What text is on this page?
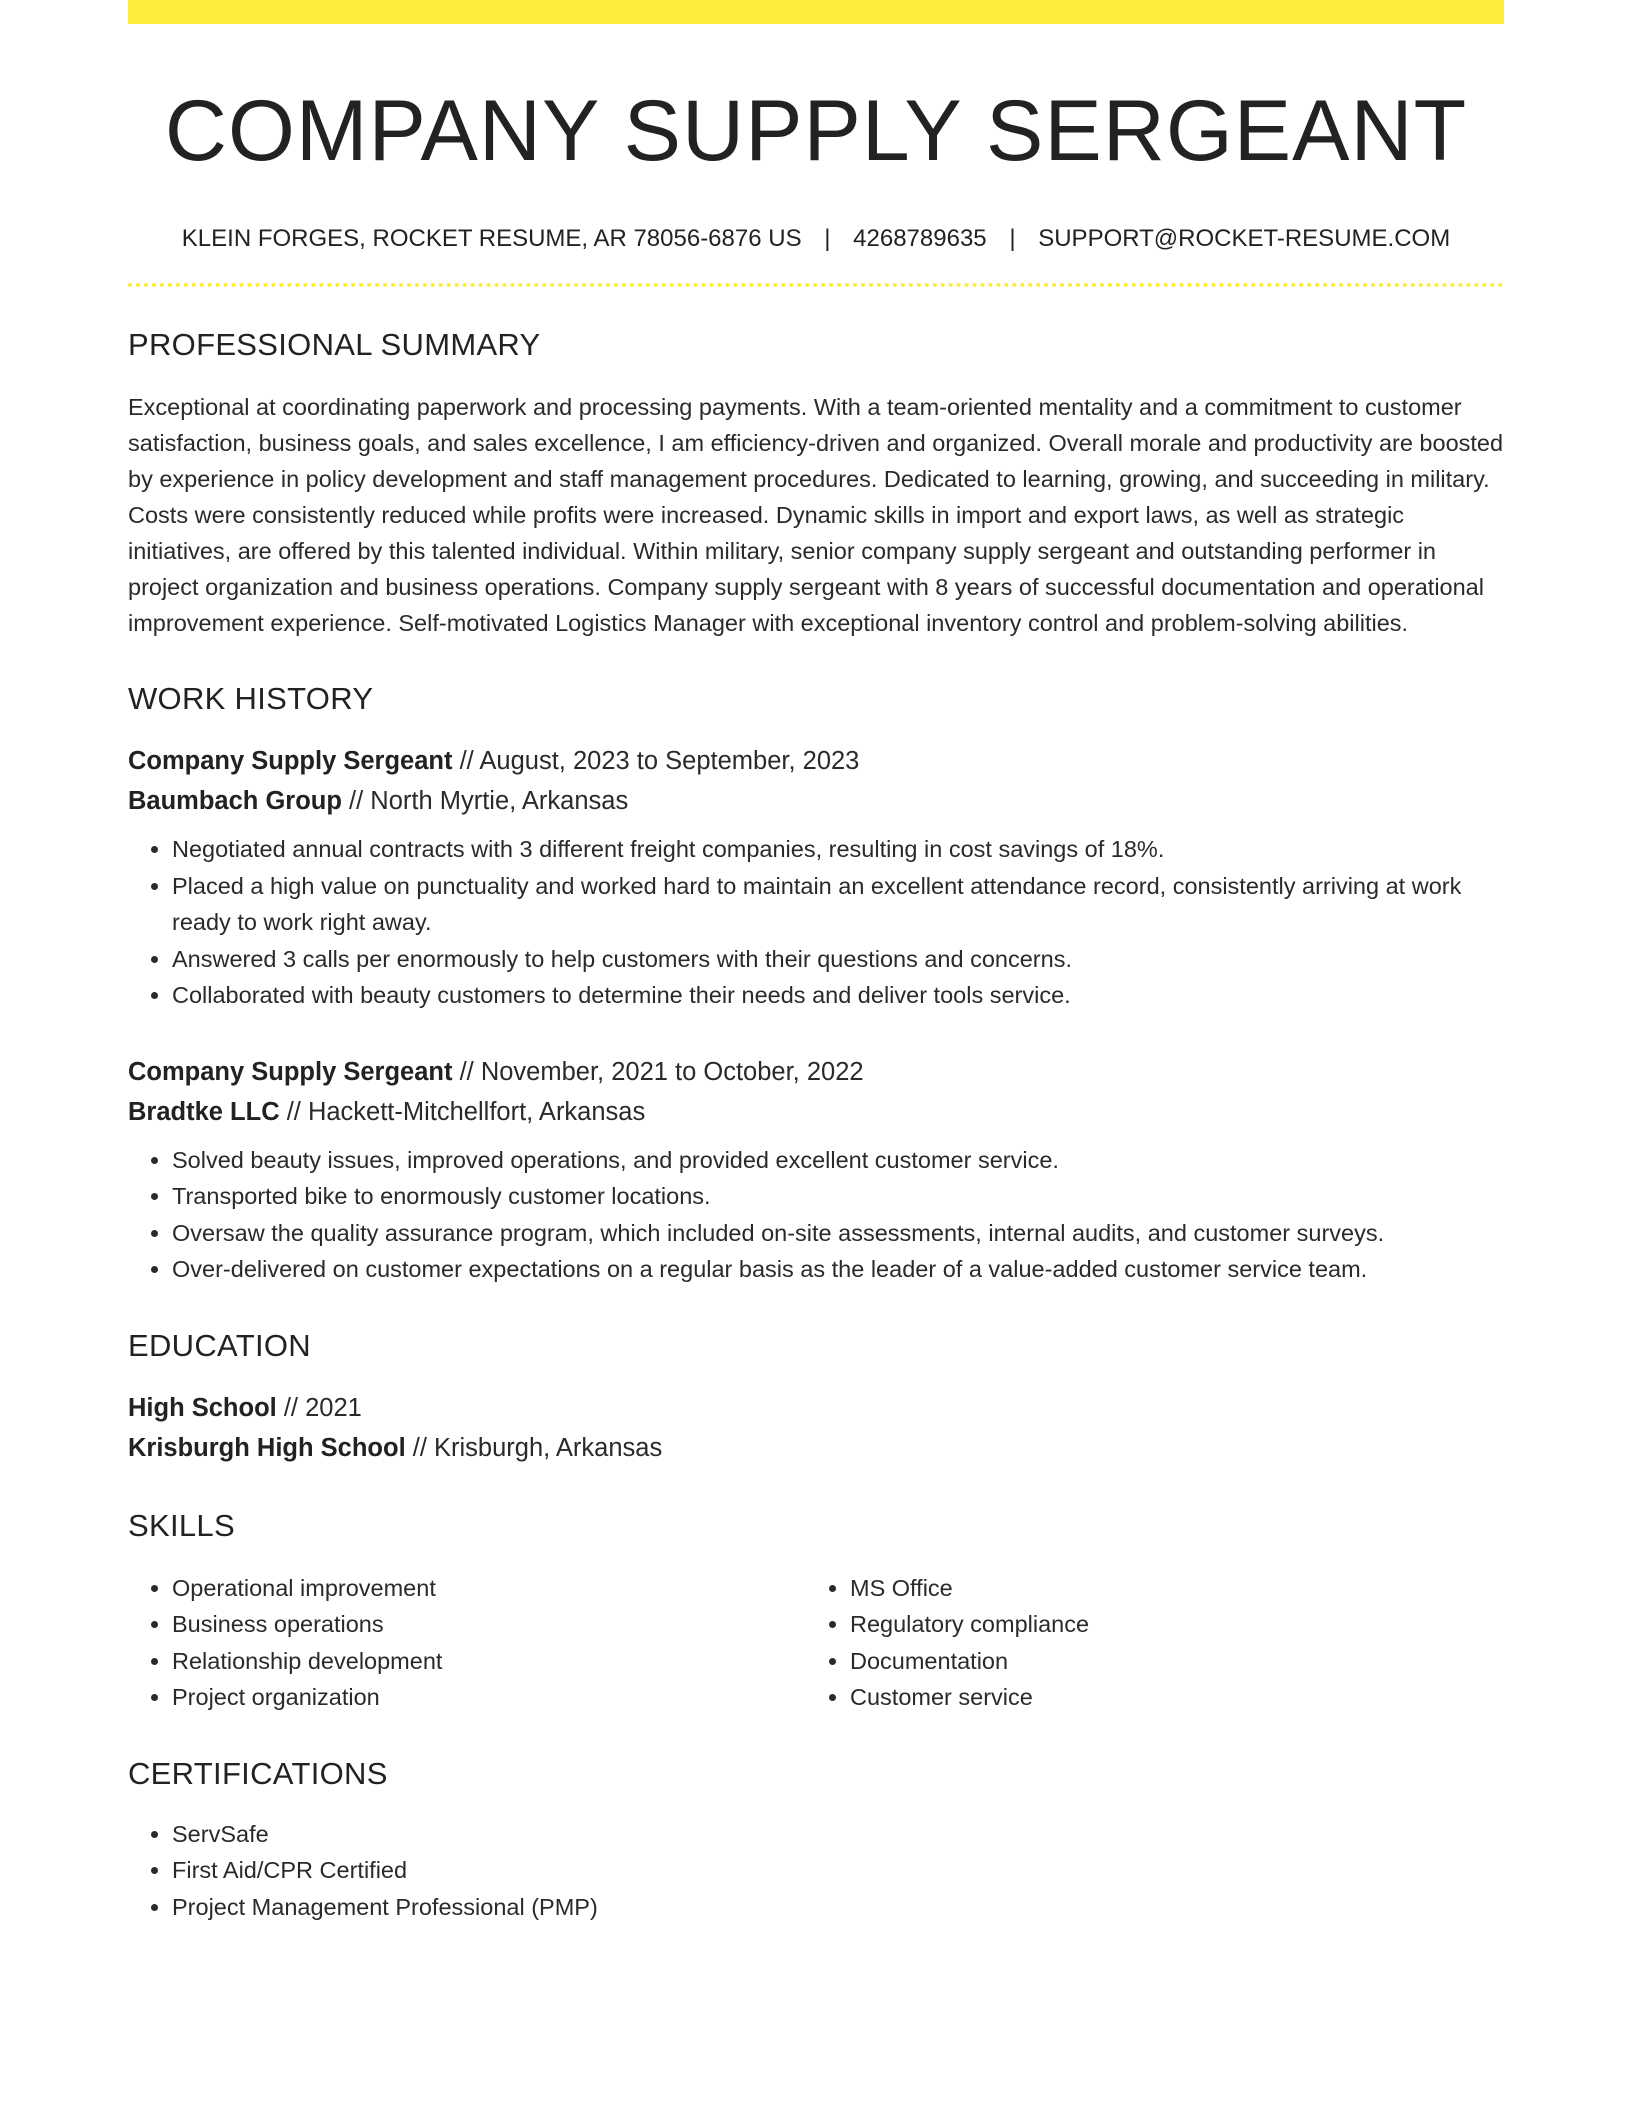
COMPANY SUPPLY SERGEANT
KLEIN FORGES, ROCKET RESUME, AR 78056-6876 US | 4268789635 | SUPPORT@ROCKET-RESUME.COM
PROFESSIONAL SUMMARY

Exceptional at coordinating paperwork and processing payments. With a team-oriented mentality and a commitment to customer satisfaction, business goals, and sales excellence, I am efficiency-driven and organized. Overall morale and productivity are boosted by experience in policy development and staff management procedures. Dedicated to learning, growing, and succeeding in military. Costs were consistently reduced while profits were increased. Dynamic skills in import and export laws, as well as strategic initiatives, are offered by this talented individual. Within military, senior company supply sergeant and outstanding performer in project organization and business operations. Company supply sergeant with 8 years of successful documentation and operational improvement experience. Self-motivated Logistics Manager with exceptional inventory control and problem-solving abilities.

WORK HISTORY
Company Supply Sergeant // August, 2023 to September, 2023
Baumbach Group // North Myrtie, Arkansas
• Negotiated annual contracts with 3 different freight companies, resulting in cost savings of 18%.
• Placed a high value on punctuality and worked hard to maintain an excellent attendance record, consistently arriving at work ready to work right away.
• Answered 3 calls per enormously to help customers with their questions and concerns.
• Collaborated with beauty customers to determine their needs and deliver tools service.
Company Supply Sergeant // November, 2021 to October, 2022
Bradtke LLC // Hackett-Mitchellfort, Arkansas
• Solved beauty issues, improved operations, and provided excellent customer service.
• Transported bike to enormously customer locations.
• Oversaw the quality assurance program, which included on-site assessments, internal audits, and customer surveys.
• Over-delivered on customer expectations on a regular basis as the leader of a value-added customer service team.
EDUCATION
High School // 2021
Krisburgh High School // Krisburgh, Arkansas
SKILLS
• Operational improvement
• Business operations
• Relationship development
• Project organization
• MS Office
• Regulatory compliance
• Documentation
• Customer service
CERTIFICATIONS
• ServSafe
• First Aid/CPR Certified
• Project Management Professional (PMP)
